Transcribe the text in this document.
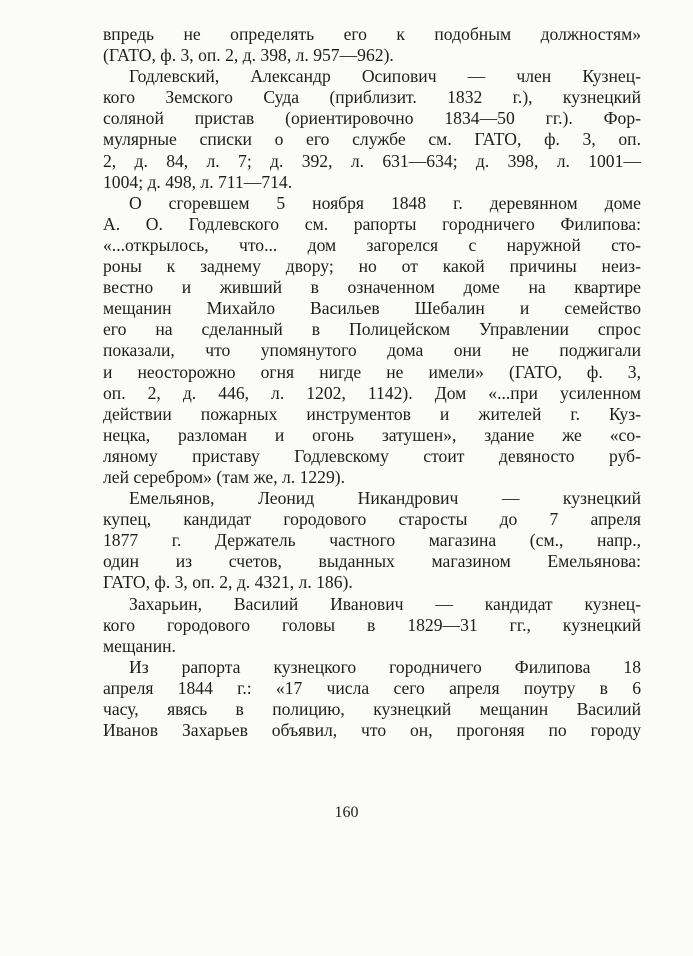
впредь не определять его к подобным должностям»
(ГАТО, ф. 3, оп. 2, д. 398, л. 957—962).
Годлевский, Александр Осипович — член Кузнец-
кого Земского Суда (приблизит. 1832 г.), кузнецкий
соляной пристав (ориентировочно 1834—50 гг.). Фор-
мулярные списки о его службе см. ГАТО, ф. 3, оп.
2, д. 84, л. 7; д. 392, л. 631—634; д. 398, л. 1001—
1004; д. 498, л. 711—714.
О сгоревшем 5 ноября 1848 г. деревянном доме
А. О. Годлевского см. рапорты городничего Филипова:
«...открылось, что... дом загорелся с наружной сто-
роны к заднему двору; но от какой причины неиз-
вестно и живший в означенном доме на квартире
мещанин Михайло Васильев Шебалин и семейство
его на сделанный в Полицейском Управлении спрос
показали, что упомянутого дома они не поджигали
и неосторожно огня нигде не имели» (ГАТО, ф. 3,
оп. 2, д. 446, л. 1202, 1142). Дом «...при усиленном
действии пожарных инструментов и жителей г. Куз-
нецка, разломан и огонь затушен», здание же «со-
ляному приставу Годлевскому стоит девяносто руб-
лей серебром» (там же, л. 1229).
Емельянов, Леонид Никандрович — кузнецкий
купец, кандидат городового старосты до 7 апреля
1877 г. Держатель частного магазина (см., напр.,
один из счетов, выданных магазином Емельянова:
ГАТО, ф. 3, оп. 2, д. 4321, л. 186).
Захарьин, Василий Иванович — кандидат кузнец-
кого городового головы в 1829—31 гг., кузнецкий
мещанин.
Из рапорта кузнецкого городничего Филипова 18
апреля 1844 г.: «17 числа сего апреля поутру в 6
часу, явясь в полицию, кузнецкий мещанин Василий
Иванов Захарьев объявил, что он, прогоняя по городу
160
